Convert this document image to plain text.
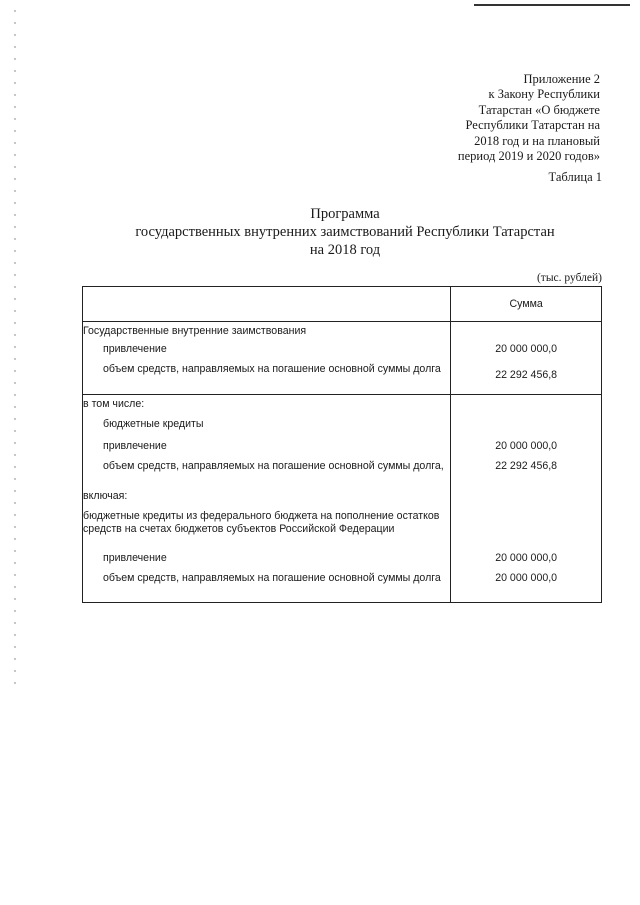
Приложение 2
к Закону Республики
Татарстан «О бюджете
Республики Татарстан на
2018 год и на плановый
период 2019 и 2020 годов»
Таблица 1
Программа
государственных внутренних заимствований Республики Татарстан
на 2018 год
(тыс. рублей)
	Сумма
Государственные внутренние заимствования	
привлечение	20 000 000,0
объем средств, направляемых на погашение основной суммы долга	22 292 456,8
в том числе:	
бюджетные кредиты	
привлечение	20 000 000,0
объем средств, направляемых на погашение основной суммы долга,	22 292 456,8
включая:	
бюджетные кредиты из федерального бюджета на пополнение остатков средств на счетах бюджетов субъектов Российской Федерации	
привлечение	20 000 000,0
объем средств, направляемых на погашение основной суммы долга	20 000 000,0
